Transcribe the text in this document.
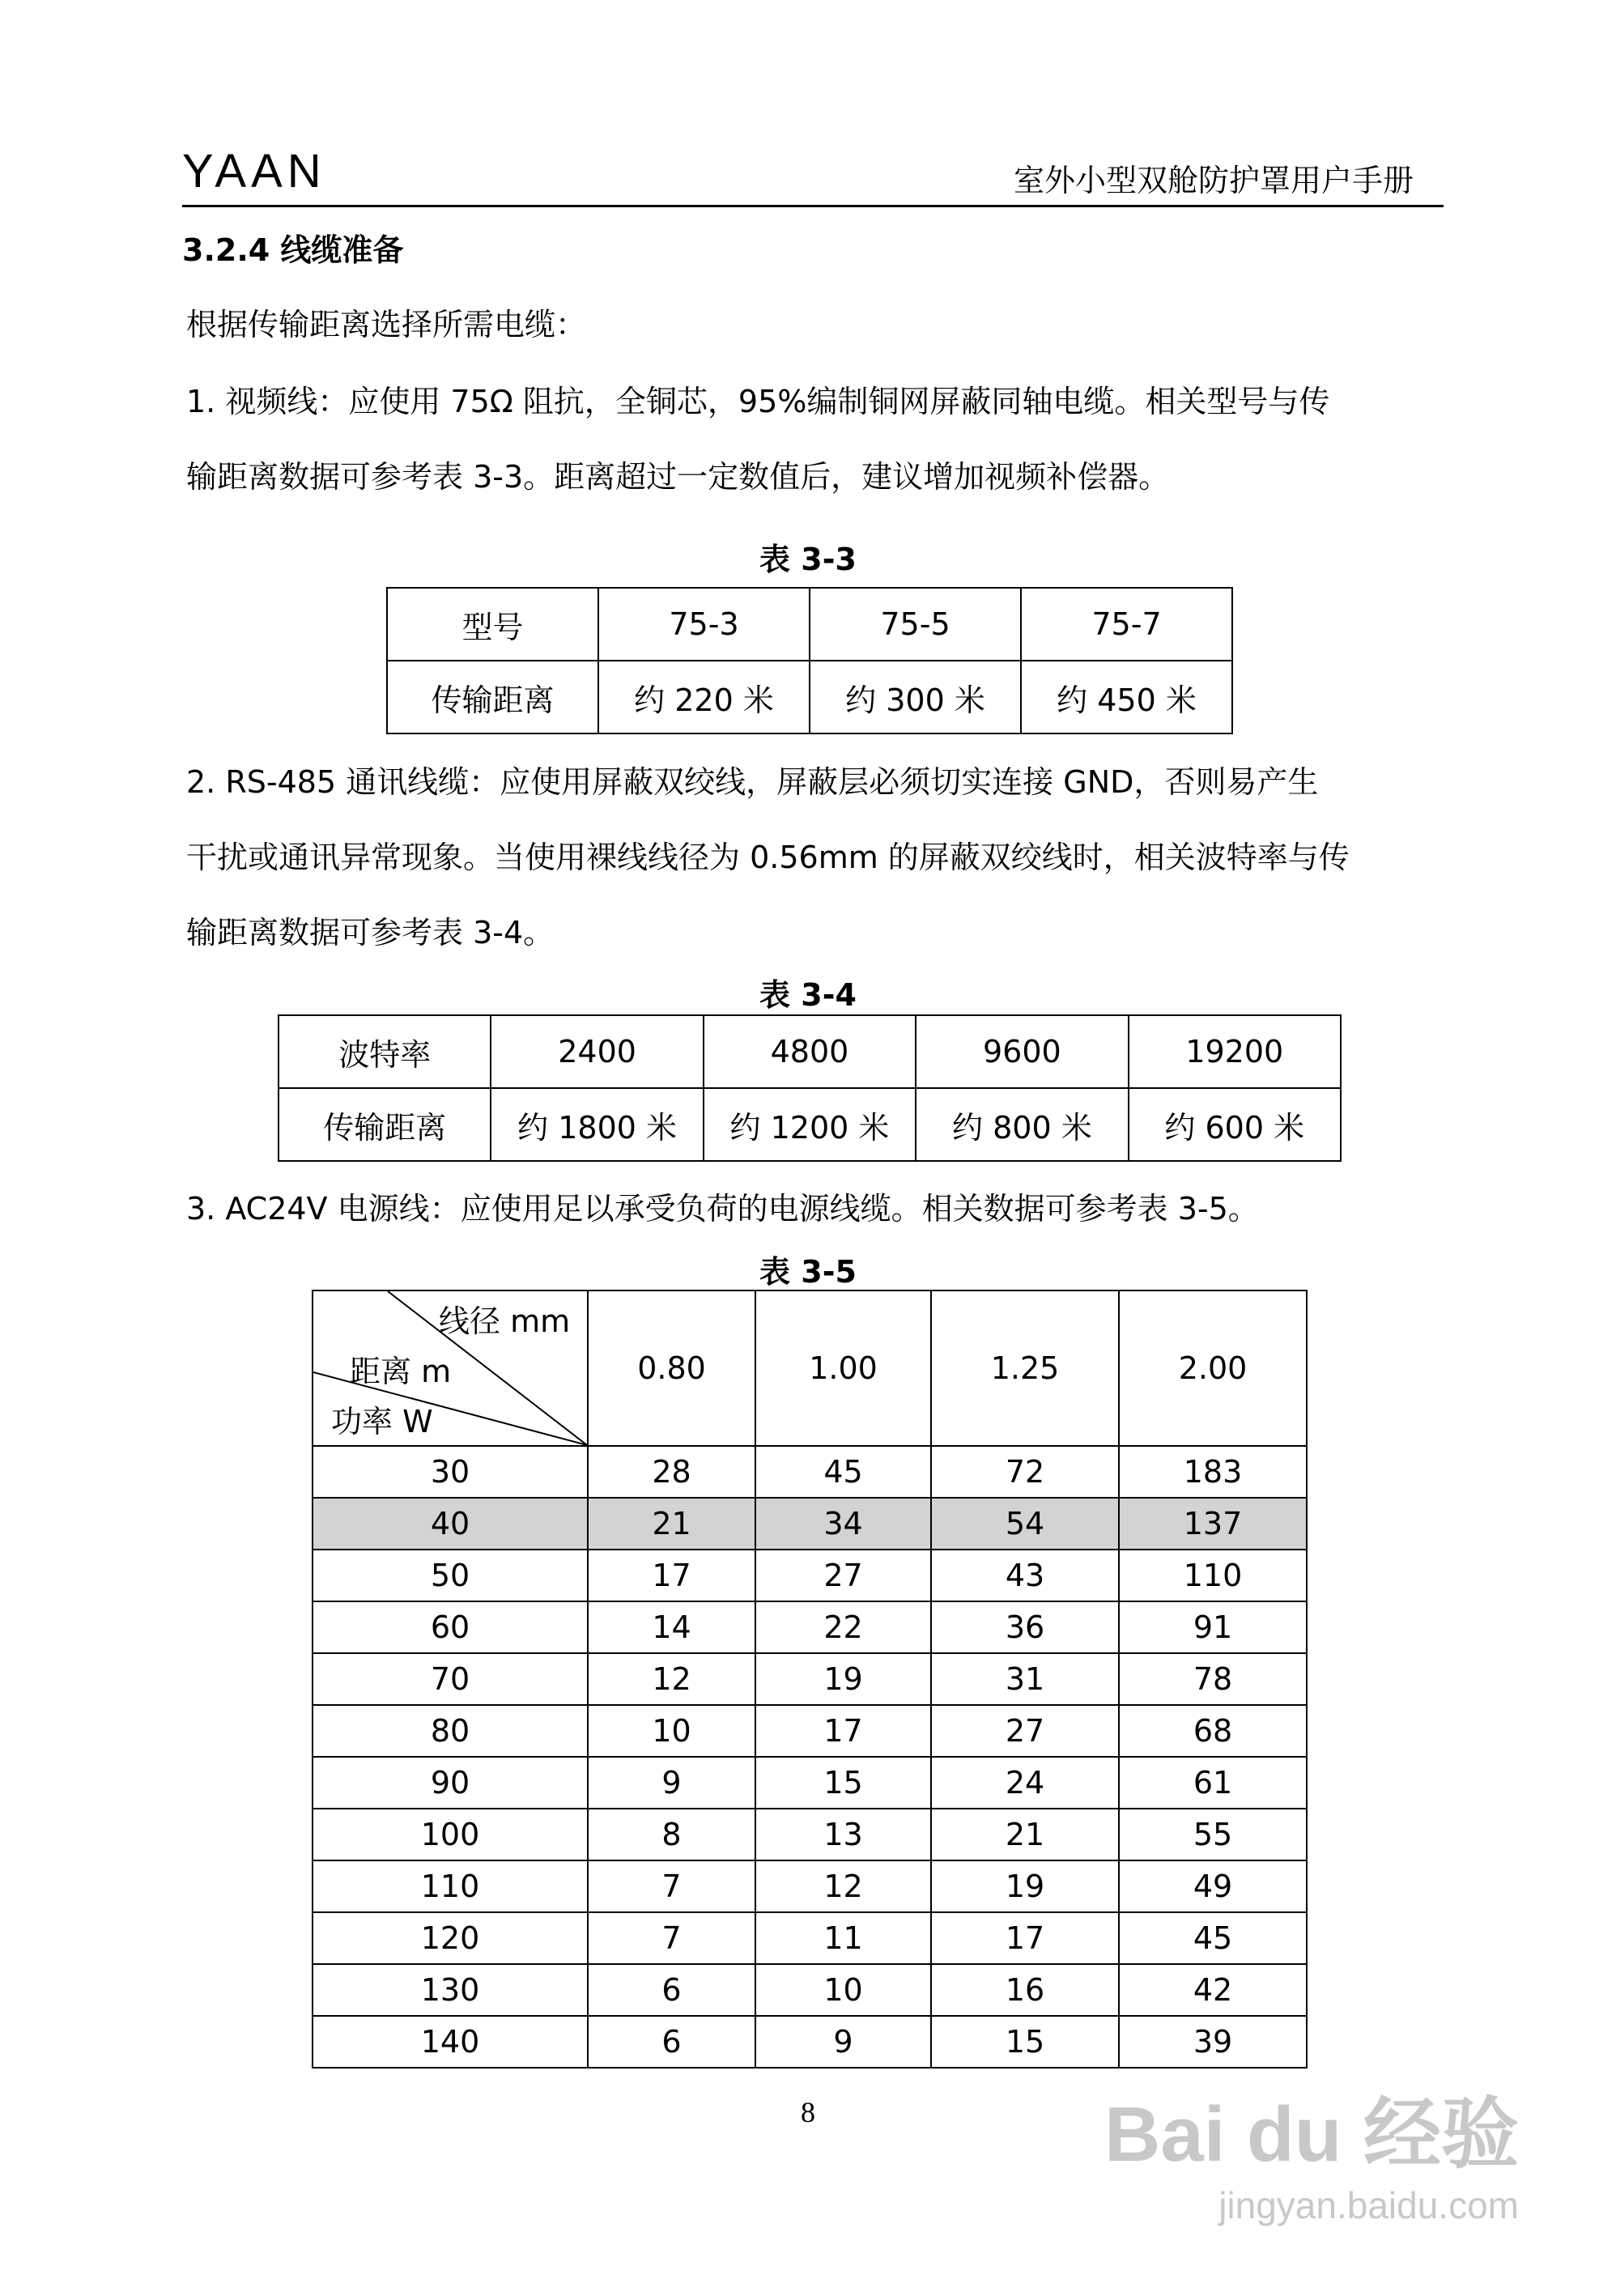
YAAN	室外小型双舱防护罩用户手册
3.2.4 线缆准备
根据传输距离选择所需电缆：
1. 视频线：应使用 75Ω 阻抗，全铜芯，95%编制铜网屏蔽同轴电缆。相关型号与传
输距离数据可参考表 3-3。距离超过一定数值后，建议增加视频补偿器。
表 3-3
型号	75-3	75-5	75-7
传输距离	约 220 米	约 300 米	约 450 米
2. RS-485 通讯线缆：应使用屏蔽双绞线，屏蔽层必须切实连接 GND，否则易产生
干扰或通讯异常现象。当使用裸线线径为 0.56mm 的屏蔽双绞线时，相关波特率与传
输距离数据可参考表 3-4。
表 3-4
波特率	2400	4800	9600	19200
传输距离	约 1800 米	约 1200 米	约 800 米	约 600 米
3. AC24V 电源线：应使用足以承受负荷的电源线缆。相关数据可参考表 3-5。
表 3-5
线径 mm
距离 m
功率 W	0.80	1.00	1.25	2.00
30	28	45	72	183
40	21	34	54	137
50	17	27	43	110
60	14	22	36	91
70	12	19	31	78
80	10	17	27	68
90	9	15	24	61
100	8	13	21	55
110	7	12	19	49
120	7	11	17	45
130	6	10	16	42
140	6	9	15	39
8	Bai du 经验
jingyan.baidu.com
